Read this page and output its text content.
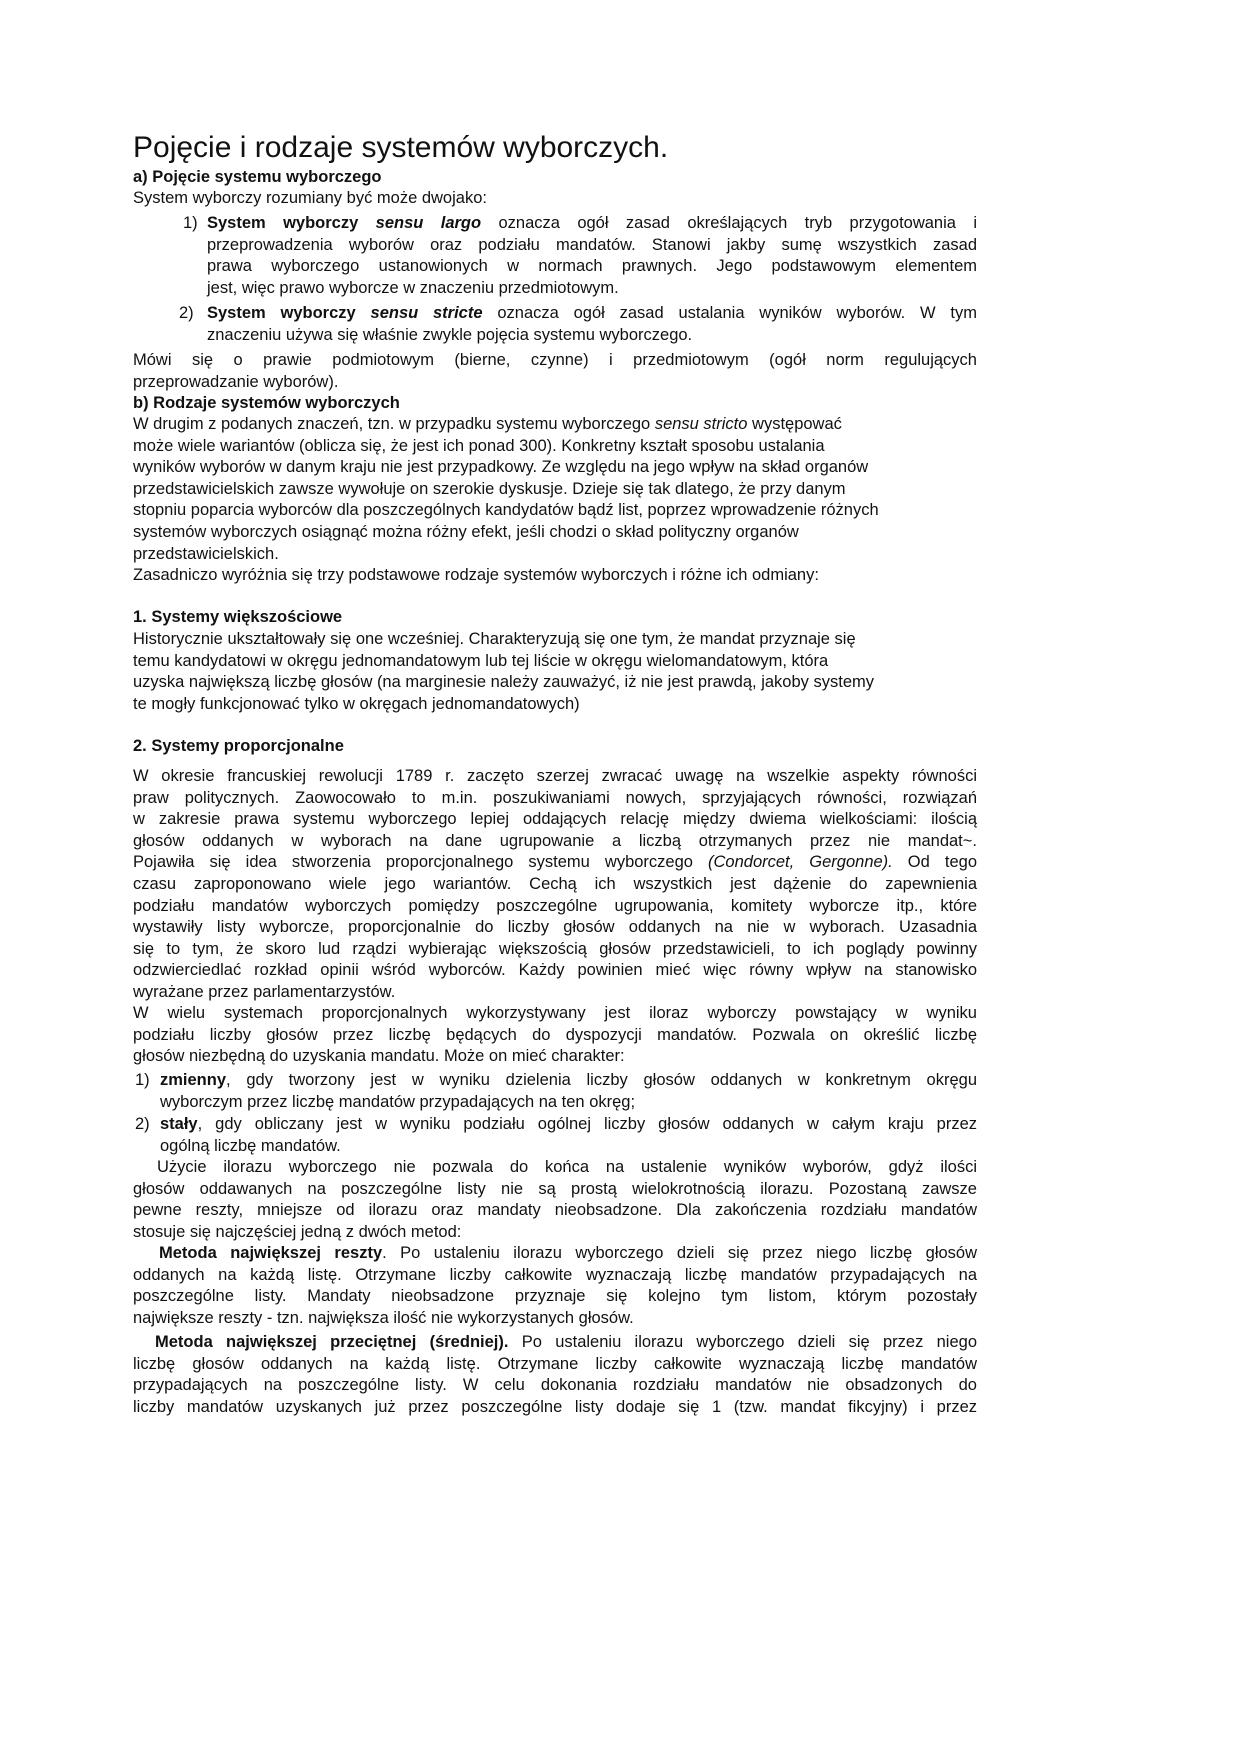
Pojęcie i rodzaje systemów wyborczych.
a) Pojęcie systemu wyborczego
System wyborczy rozumiany być może dwojako:
1) System wyborczy sensu largo oznacza ogół zasad określających tryb przygotowania i
przeprowadzenia wyborów oraz podziału mandatów. Stanowi jakby sumę wszystkich zasad
prawa wyborczego ustanowionych w normach prawnych. Jego podstawowym elementem
jest, więc prawo wyborcze w znaczeniu przedmiotowym.
2) System wyborczy sensu stricte oznacza ogół zasad ustalania wyników wyborów. W tym
znaczeniu używa się właśnie zwykle pojęcia systemu wyborczego.
Mówi się o prawie podmiotowym (bierne, czynne) i przedmiotowym (ogół norm regulujących
przeprowadzanie wyborów).
b) Rodzaje systemów wyborczych
W drugim z podanych znaczeń, tzn. w przypadku systemu wyborczego sensu stricto występować
może wiele wariantów (oblicza się, że jest ich ponad 300). Konkretny kształt sposobu ustalania
wyników wyborów w danym kraju nie jest przypadkowy. Ze względu na jego wpływ na skład organów
przedstawicielskich zawsze wywołuje on szerokie dyskusje. Dzieje się tak dlatego, że przy danym
stopniu poparcia wyborców dla poszczególnych kandydatów bądź list, poprzez wprowadzenie różnych
systemów wyborczych osiągnąć można różny efekt, jeśli chodzi o skład polityczny organów
przedstawicielskich.
Zasadniczo wyróżnia się trzy podstawowe rodzaje systemów wyborczych i różne ich odmiany:
1. Systemy większościowe
Historycznie ukształtowały się one wcześniej. Charakteryzują się one tym, że mandat przyznaje się
temu kandydatowi w okręgu jednomandatowym lub tej liście w okręgu wielomandatowym, która
uzyska największą liczbę głosów (na marginesie należy zauważyć, iż nie jest prawdą, jakoby systemy
te mogły funkcjonować tylko w okręgach jednomandatowych)
2. Systemy proporcjonalne
W okresie francuskiej rewolucji 1789 r. zaczęto szerzej zwracać uwagę na wszelkie aspekty równości
praw politycznych. Zaowocowało to m.in. poszukiwaniami nowych, sprzyjających równości, rozwiązań
w zakresie prawa systemu wyborczego lepiej oddających relację między dwiema wielkościami: ilością
głosów oddanych w wyborach na dane ugrupowanie a liczbą otrzymanych przez nie mandat~.
Pojawiła się idea stworzenia proporcjonalnego systemu wyborczego (Condorcet, Gergonne). Od tego
czasu zaproponowano wiele jego wariantów. Cechą ich wszystkich jest dążenie do zapewnienia
podziału mandatów wyborczych pomiędzy poszczególne ugrupowania, komitety wyborcze itp., które
wystawiły listy wyborcze, proporcjonalnie do liczby głosów oddanych na nie w wyborach. Uzasadnia
się to tym, że skoro lud rządzi wybierając większością głosów przedstawicieli, to ich poglądy powinny
odzwierciedlać rozkład opinii wśród wyborców. Każdy powinien mieć więc równy wpływ na stanowisko
wyrażane przez parlamentarzystów.
W wielu systemach proporcjonalnych wykorzystywany jest iloraz wyborczy powstający w wyniku
podziału liczby głosów przez liczbę będących do dyspozycji mandatów. Pozwala on określić liczbę
głosów niezbędną do uzyskania mandatu. Może on mieć charakter:
1) zmienny, gdy tworzony jest w wyniku dzielenia liczby głosów oddanych w konkretnym okręgu
wyborczym przez liczbę mandatów przypadających na ten okręg;
2) stały, gdy obliczany jest w wyniku podziału ogólnej liczby głosów oddanych w całym kraju przez
ogólną liczbę mandatów.
Użycie ilorazu wyborczego nie pozwala do końca na ustalenie wyników wyborów, gdyż ilości
głosów oddawanych na poszczególne listy nie są prostą wielokrotnością ilorazu. Pozostaną zawsze
pewne reszty, mniejsze od ilorazu oraz mandaty nieobsadzone. Dla zakończenia rozdziału mandatów
stosuje się najczęściej jedną z dwóch metod:
Metoda największej reszty. Po ustaleniu ilorazu wyborczego dzieli się przez niego liczbę głosów
oddanych na każdą listę. Otrzymane liczby całkowite wyznaczają liczbę mandatów przypadających na
poszczególne listy. Mandaty nieobsadzone przyznaje się kolejno tym listom, którym pozostały
największe reszty - tzn. największa ilość nie wykorzystanych głosów.
Metoda największej przeciętnej (średniej). Po ustaleniu ilorazu wyborczego dzieli się przez niego
liczbę głosów oddanych na każdą listę. Otrzymane liczby całkowite wyznaczają liczbę mandatów
przypadających na poszczególne listy. W celu dokonania rozdziału mandatów nie obsadzonych do
liczby mandatów uzyskanych już przez poszczególne listy dodaje się 1 (tzw. mandat fikcyjny) i przez
